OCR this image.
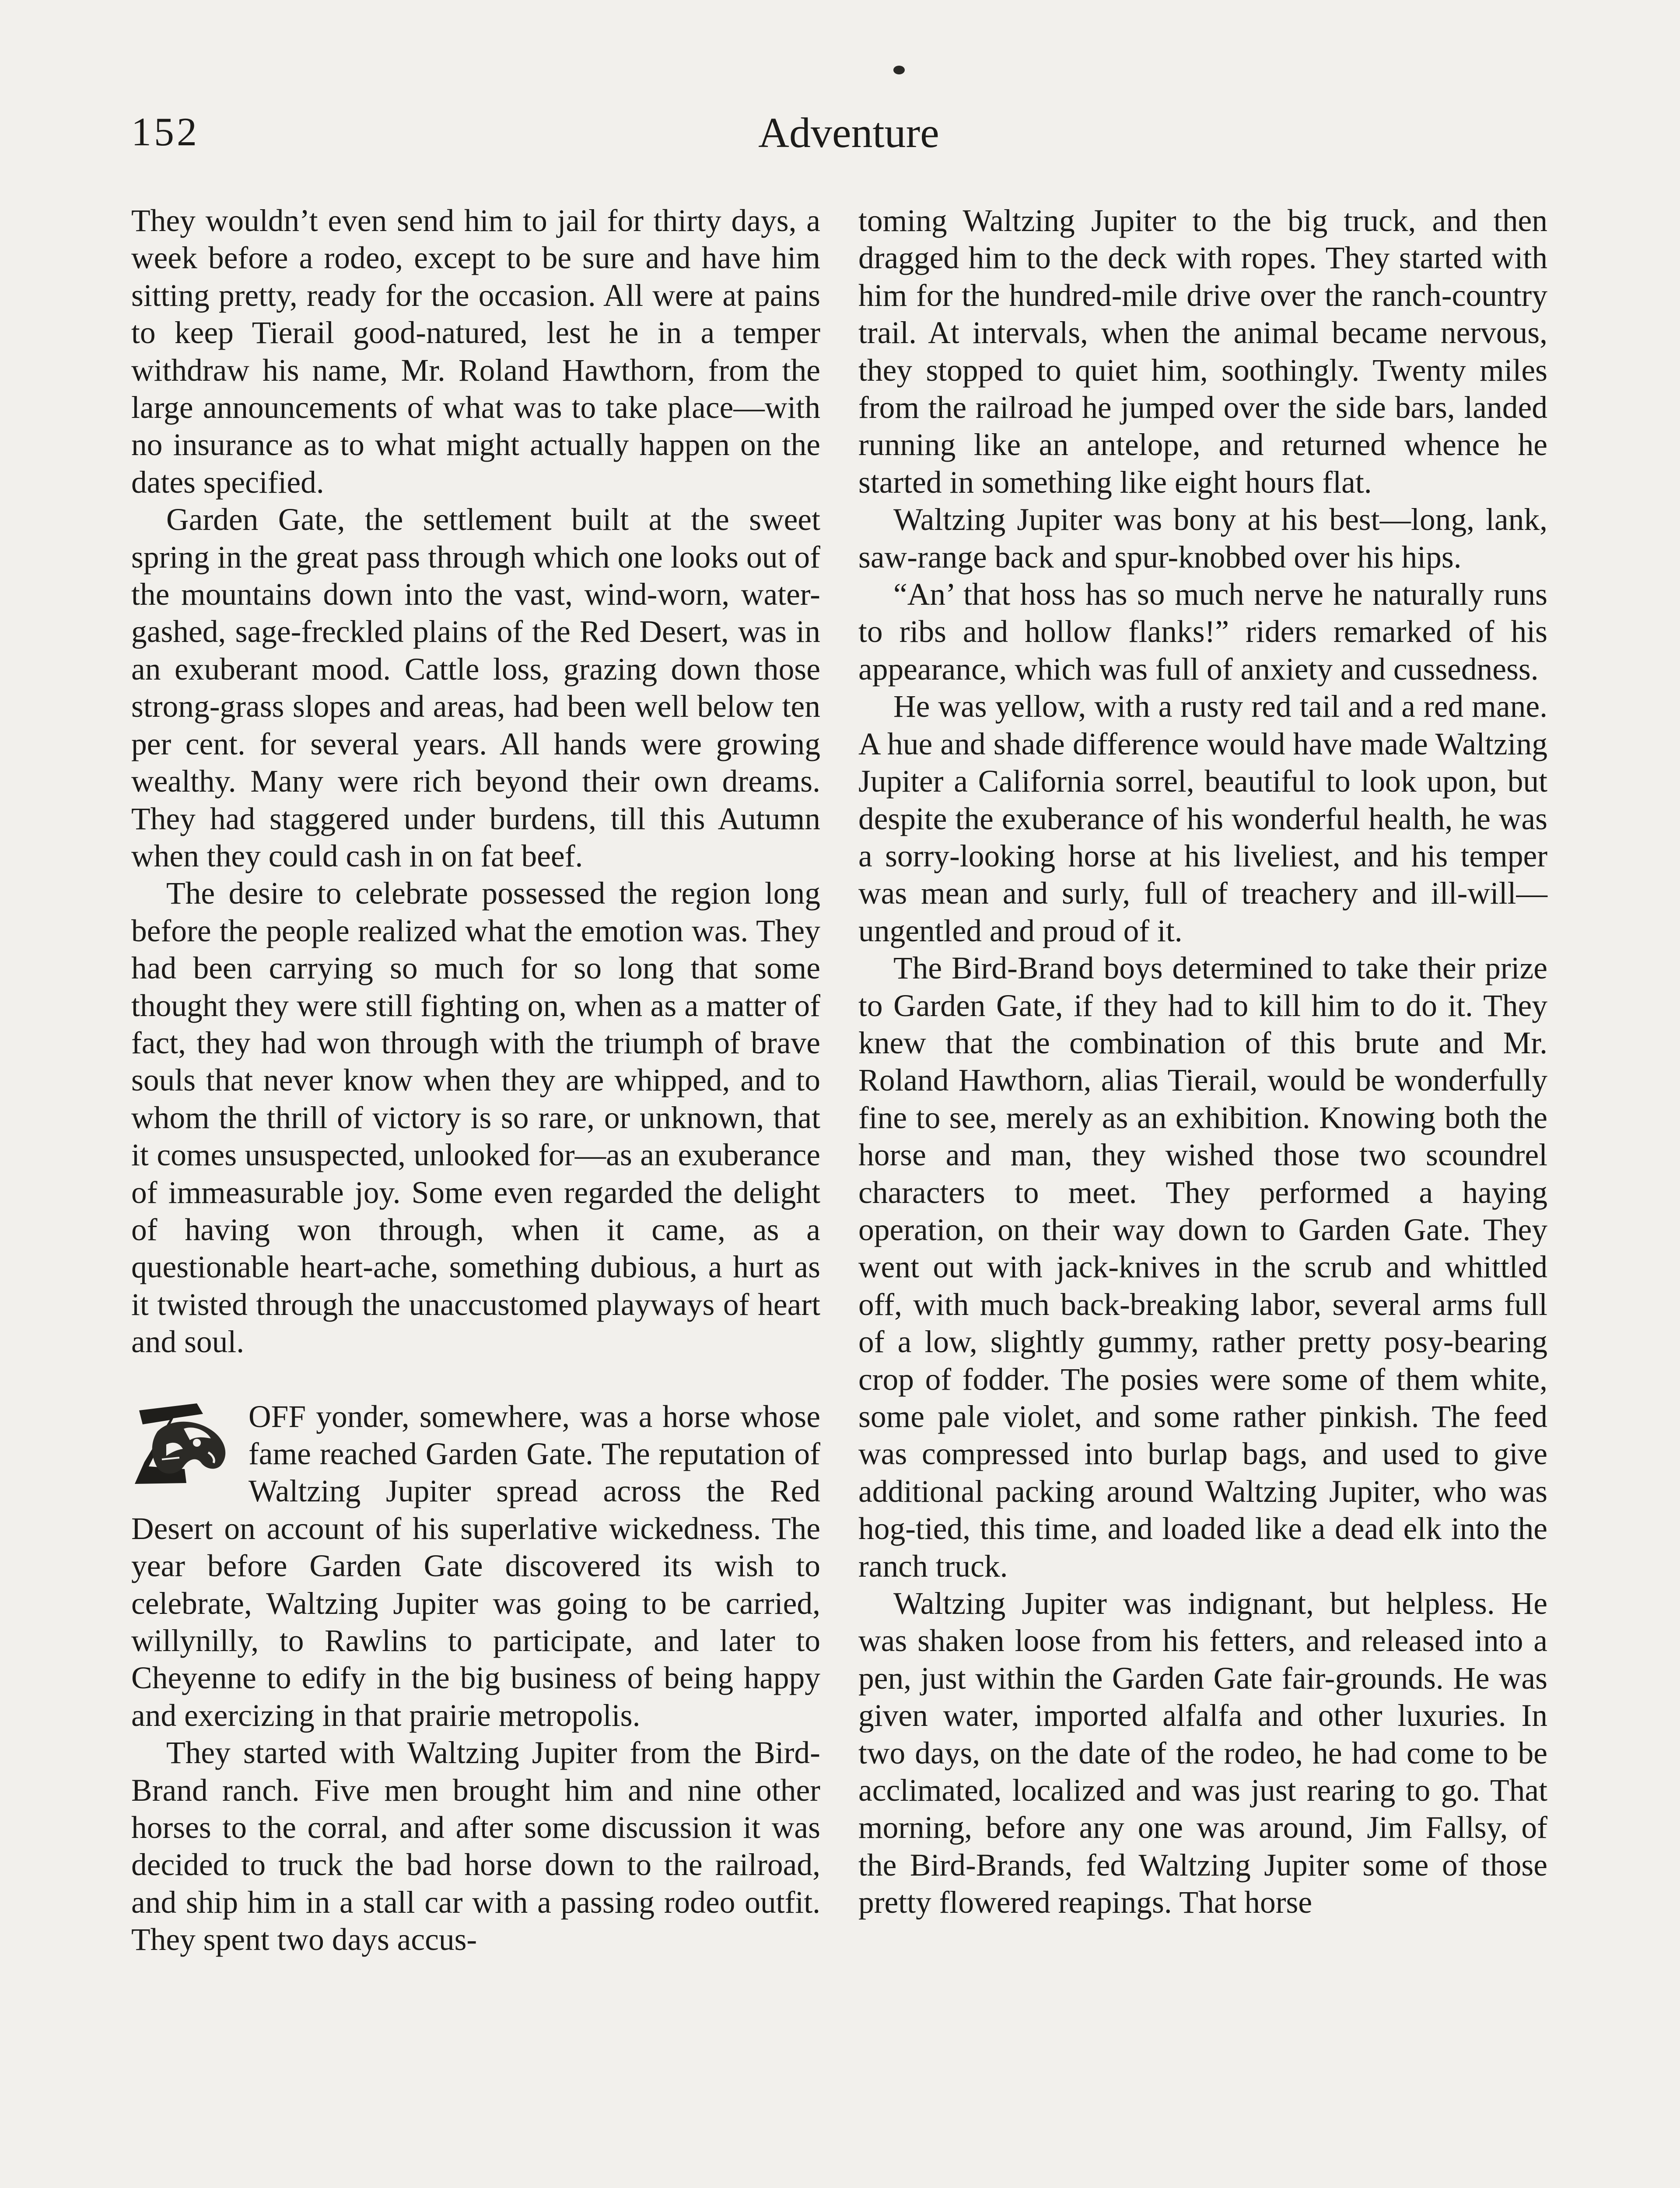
152	Adventure

They wouldn’t even send him to jail for thirty days, a week before a rodeo, except to be sure and have him sitting pretty, ready for the occasion. All were at pains to keep Tierail good-natured, lest he in a temper withdraw his name, Mr. Roland Hawthorn, from the large announcements of what was to take place—with no insurance as to what might actually happen on the dates specified.

Garden Gate, the settlement built at the sweet spring in the great pass through which one looks out of the mountains down into the vast, wind-worn, water-gashed, sage-freckled plains of the Red Desert, was in an exuberant mood. Cattle loss, grazing down those strong-grass slopes and areas, had been well below ten per cent. for several years. All hands were growing wealthy. Many were rich beyond their own dreams. They had staggered under burdens, till this Autumn when they could cash in on fat beef.

The desire to celebrate possessed the region long before the people realized what the emotion was. They had been carrying so much for so long that some thought they were still fighting on, when as a matter of fact, they had won through with the triumph of brave souls that never know when they are whipped, and to whom the thrill of victory is so rare, or unknown, that it comes unsuspected, unlooked for—as an exuberance of immeasurable joy. Some even regarded the delight of having won through, when it came, as a questionable heart-ache, something dubious, a hurt as it twisted through the unaccustomed playways of heart and soul.

OFF yonder, somewhere, was a horse whose fame reached Garden Gate. The reputation of Waltzing Jupiter spread across the Red Desert on account of his superlative wickedness. The year before Garden Gate discovered its wish to celebrate, Waltzing Jupiter was going to be carried, willynilly, to Rawlins to participate, and later to Cheyenne to edify in the big business of being happy and exercizing in that prairie metropolis.

They started with Waltzing Jupiter from the Bird-Brand ranch. Five men brought him and nine other horses to the corral, and after some discussion it was decided to truck the bad horse down to the railroad, and ship him in a stall car with a passing rodeo outfit. They spent two days accus-

toming Waltzing Jupiter to the big truck, and then dragged him to the deck with ropes. They started with him for the hundred-mile drive over the ranch-country trail. At intervals, when the animal became nervous, they stopped to quiet him, soothingly. Twenty miles from the railroad he jumped over the side bars, landed running like an antelope, and returned whence he started in something like eight hours flat.

Waltzing Jupiter was bony at his best—long, lank, saw-range back and spur-knobbed over his hips.

“An’ that hoss has so much nerve he naturally runs to ribs and hollow flanks!” riders remarked of his appearance, which was full of anxiety and cussedness.

He was yellow, with a rusty red tail and a red mane. A hue and shade difference would have made Waltzing Jupiter a California sorrel, beautiful to look upon, but despite the exuberance of his wonderful health, he was a sorry-looking horse at his liveliest, and his temper was mean and surly, full of treachery and ill-will—ungentled and proud of it.

The Bird-Brand boys determined to take their prize to Garden Gate, if they had to kill him to do it. They knew that the combination of this brute and Mr. Roland Hawthorn, alias Tierail, would be wonderfully fine to see, merely as an exhibition. Knowing both the horse and man, they wished those two scoundrel characters to meet. They performed a haying operation, on their way down to Garden Gate. They went out with jack-knives in the scrub and whittled off, with much back-breaking labor, several arms full of a low, slightly gummy, rather pretty posy-bearing crop of fodder. The posies were some of them white, some pale violet, and some rather pinkish. The feed was compressed into burlap bags, and used to give additional packing around Waltzing Jupiter, who was hog-tied, this time, and loaded like a dead elk into the ranch truck.

Waltzing Jupiter was indignant, but helpless. He was shaken loose from his fetters, and released into a pen, just within the Garden Gate fair-grounds. He was given water, imported alfalfa and other luxuries. In two days, on the date of the rodeo, he had come to be acclimated, localized and was just rearing to go. That morning, before any one was around, Jim Fallsy, of the Bird-Brands, fed Waltzing Jupiter some of those pretty flowered reapings. That horse
